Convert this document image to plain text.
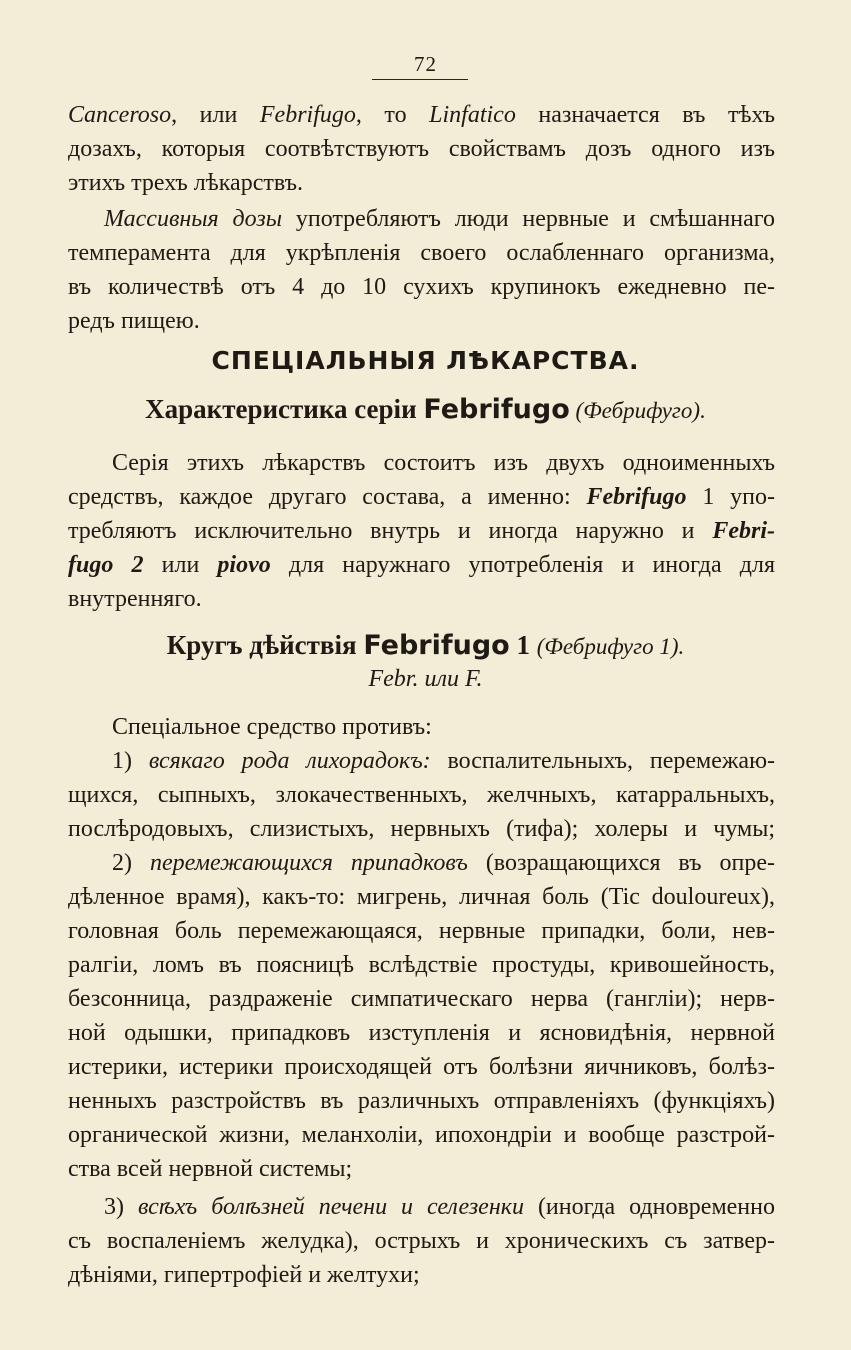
72
Canceroso, или Febrifugo, то Linfatico назначается въ тѣхъ
дозахъ, которыя соотвѣтствуютъ свойствамъ дозъ одного изъ
этихъ трехъ лѣкарствъ.
Массивныя дозы употребляютъ люди нервные и смѣшаннаго
темперамента для укрѣпленія своего ослабленнаго организма,
въ количествѣ отъ 4 до 10 сухихъ крупинокъ ежедневно пе-
редъ пищею.
СПЕЦІАЛЬНЫЯ ЛѢКАРСТВА.
Характеристика серіи Febrifugo (Фебрифуго).
Серія этихъ лѣкарствъ состоитъ изъ двухъ одноименныхъ
средствъ, каждое другаго состава, а именно: Febrifugo 1 упо-
требляютъ исключительно внутрь и иногда наружно и Febri-
fugo 2 или piovo для наружнаго употребленія и иногда для
внутренняго.
Кругъ дѣйствія Febrifugo 1 (Фебрифуго 1).
Febr. или F.
Спеціальное средство противъ:
1) всякаго рода лихорадокъ: воспалительныхъ, перемежаю-
щихся, сыпныхъ, злокачественныхъ, желчныхъ, катарральныхъ,
послѣродовыхъ, слизистыхъ, нервныхъ (тифа); холеры и чумы;
2) перемежающихся припадковъ (возращающихся въ опре-
дѣленное врамя), какъ-то: мигрень, личная боль (Tic douloureux),
головная боль перемежающаяся, нервные припадки, боли, нев-
ралгіи, ломъ въ поясницѣ вслѣдствіе простуды, кривошейность,
безсонница, раздраженіе симпатическаго нерва (гангліи); нерв-
ной одышки, припадковъ изступленія и ясновидѣнія, нервной
истерики, истерики происходящей отъ болѣзни яичниковъ, болѣз-
ненныхъ разстройствъ въ различныхъ отправленіяхъ (функціяхъ)
органической жизни, меланхоліи, ипохондріи и вообще разстрой-
ства всей нервной системы;
3) всѣхъ болѣзней печени и селезенки (иногда одновременно
съ воспаленіемъ желудка), острыхъ и хроническихъ съ затвер-
дѣніями, гипертрофіей и желтухи;
